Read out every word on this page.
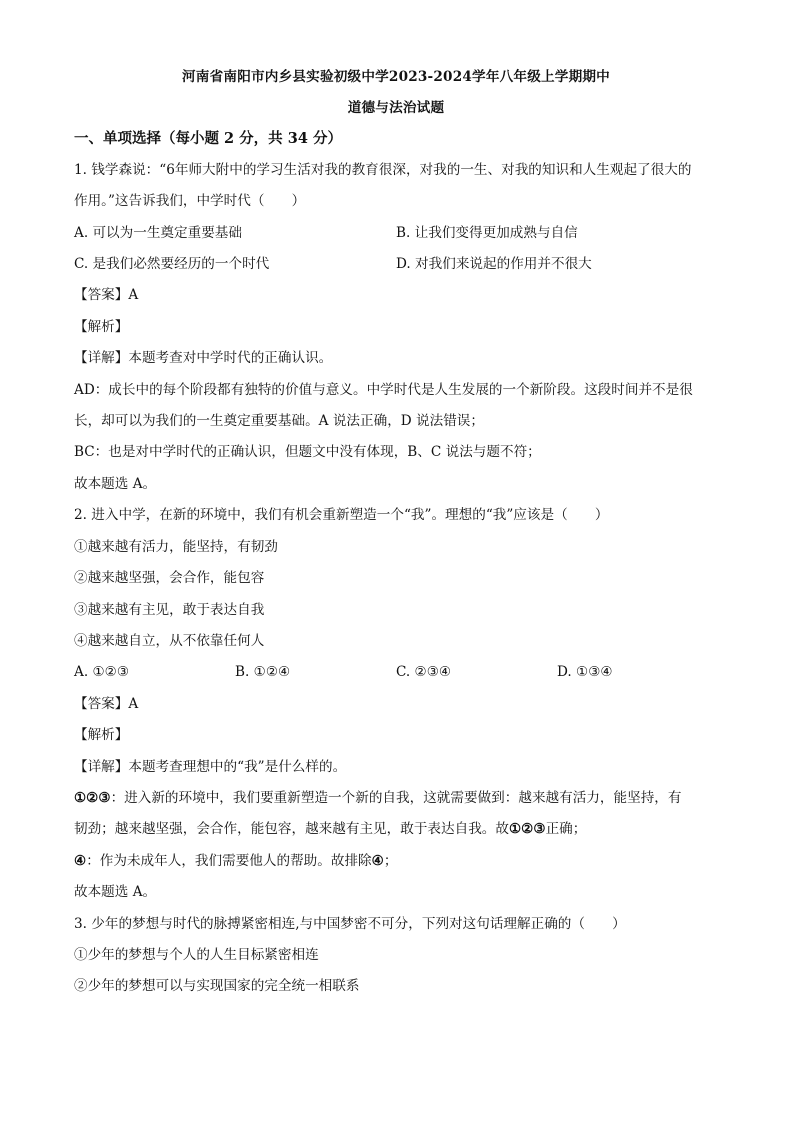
河南省南阳市内乡县实验初级中学2023-2024学年八年级上学期期中
道德与法治试题
一、单项选择（每小题 2 分，共 34 分）
1. 钱学森说：“6年师大附中的学习生活对我的教育很深，对我的一生、对我的知识和人生观起了很大的
作用。”这告诉我们，中学时代（　　）
A. 可以为一生奠定重要基础	B. 让我们变得更加成熟与自信
C. 是我们必然要经历的一个时代	D. 对我们来说起的作用并不很大
【答案】A
【解析】
【详解】本题考查对中学时代的正确认识。
AD：成长中的每个阶段都有独特的价值与意义。中学时代是人生发展的一个新阶段。这段时间并不是很
长，却可以为我们的一生奠定重要基础。A 说法正确，D 说法错误；
BC：也是对中学时代的正确认识，但题文中没有体现，B、C 说法与题不符；
故本题选 A。
2. 进入中学，在新的环境中，我们有机会重新塑造一个“我”。理想的“我”应该是（　　）
①越来越有活力，能坚持，有韧劲
②越来越坚强，会合作，能包容
③越来越有主见，敢于表达自我
④越来越自立，从不依靠任何人
A. ①②③	B. ①②④	C. ②③④	D. ①③④
【答案】A
【解析】
【详解】本题考查理想中的“我”是什么样的。
①②③：进入新的环境中，我们要重新塑造一个新的自我，这就需要做到：越来越有活力，能坚持，有
韧劲；越来越坚强，会合作，能包容，越来越有主见，敢于表达自我。故①②③正确；
④：作为未成年人，我们需要他人的帮助。故排除④；
故本题选 A。
3. 少年的梦想与时代的脉搏紧密相连,与中国梦密不可分，下列对这句话理解正确的（　　）
①少年的梦想与个人的人生目标紧密相连
②少年的梦想可以与实现国家的完全统一相联系
